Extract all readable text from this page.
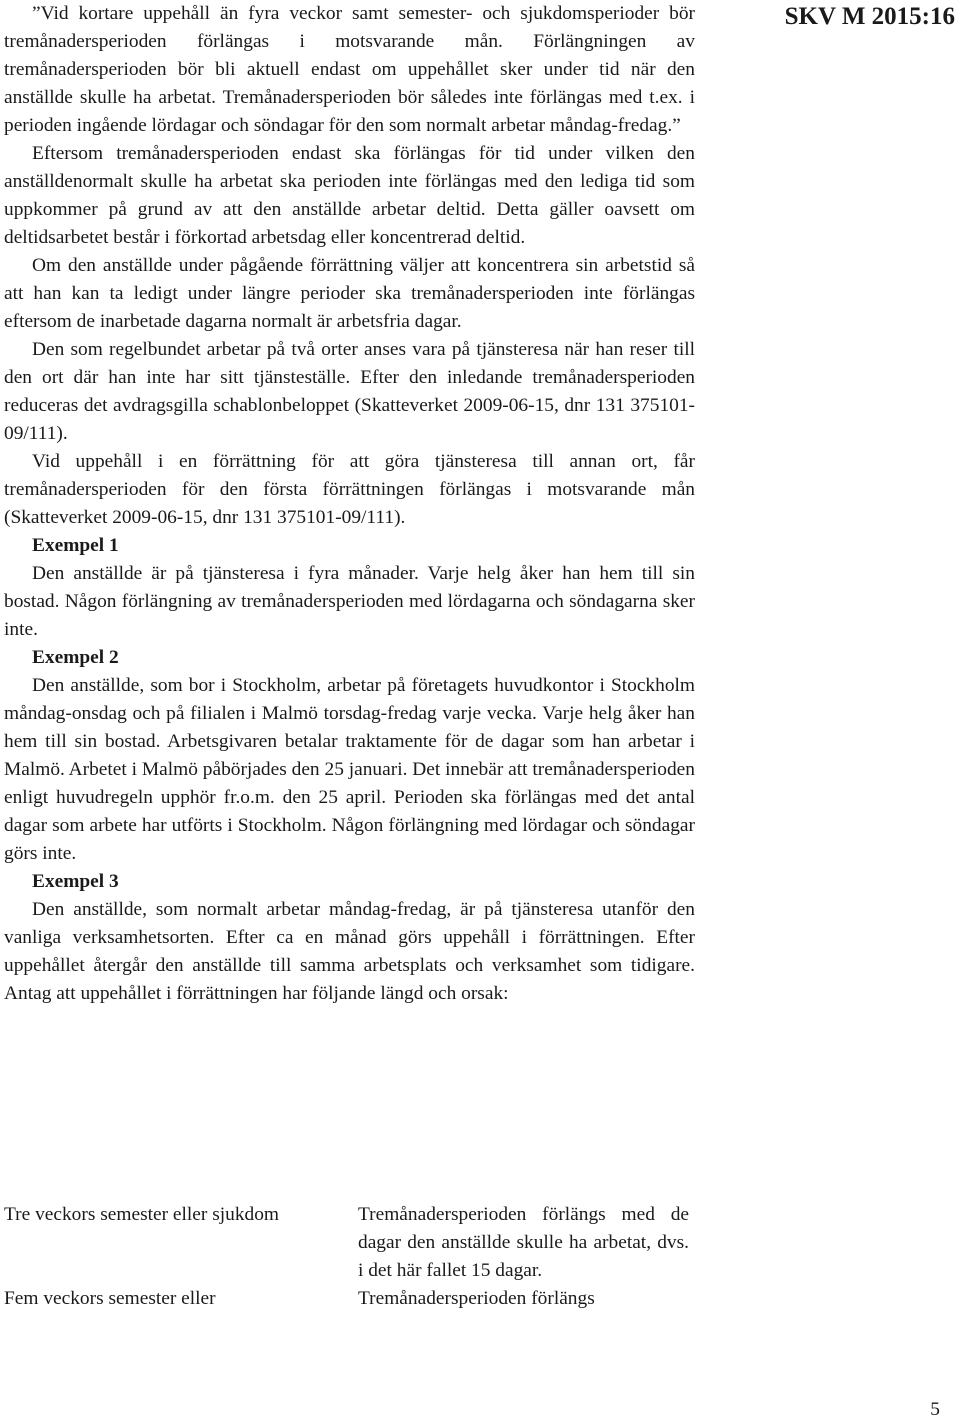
SKV M 2015:16

”Vid kortare uppehåll än fyra veckor samt semester- och sjukdomsperioder bör tremånadersperioden förlängas i motsvarande mån. Förlängningen av tremånadersperioden bör bli aktuell endast om uppehållet sker under tid när den anställde skulle ha arbetat. Tremånadersperioden bör således inte förlängas med t.ex. i perioden ingående lördagar och söndagar för den som normalt arbetar måndag-fredag.”

Eftersom tremånadersperioden endast ska förlängas för tid under vilken den anställdenormalt skulle ha arbetat ska perioden inte förlängas med den lediga tid som uppkommer på grund av att den anställde arbetar deltid. Detta gäller oavsett om deltidsarbetet består i förkortad arbetsdag eller koncentrerad deltid.

Om den anställde under pågående förrättning väljer att koncentrera sin arbetstid så att han kan ta ledigt under längre perioder ska tremånadersperioden inte förlängas eftersom de inarbetade dagarna normalt är arbetsfria dagar.

Den som regelbundet arbetar på två orter anses vara på tjänsteresa när han reser till den ort där han inte har sitt tjänsteställe. Efter den inledande tremånadersperioden reduceras det avdragsgilla schablonbeloppet (Skatteverket 2009-06-15, dnr 131 375101-09/111).

Vid uppehåll i en förrättning för att göra tjänsteresa till annan ort, får tremånadersperioden för den första förrättningen förlängas i motsvarande mån (Skatteverket 2009-06-15, dnr 131 375101-09/111).

Exempel 1

Den anställde är på tjänsteresa i fyra månader. Varje helg åker han hem till sin bostad. Någon förlängning av tremånadersperioden med lördagarna och söndagarna sker inte.

Exempel 2

Den anställde, som bor i Stockholm, arbetar på företagets huvudkontor i Stockholm måndag-onsdag och på filialen i Malmö torsdag-fredag varje vecka. Varje helg åker han hem till sin bostad. Arbetsgivaren betalar traktamente för de dagar som han arbetar i Malmö. Arbetet i Malmö påbörjades den 25 januari. Det innebär att tremånadersperioden enligt huvudregeln upphör fr.o.m. den 25 april. Perioden ska förlängas med det antal dagar som arbete har utförts i Stockholm. Någon förlängning med lördagar och söndagar görs inte.

Exempel 3

Den anställde, som normalt arbetar måndag-fredag, är på tjänsteresa utanför den vanliga verksamhetsorten. Efter ca en månad görs uppehåll i förrättningen. Efter uppehållet återgår den anställde till samma arbetsplats och verksamhet som tidigare. Antag att uppehållet i förrättningen har följande längd och orsak:

Tre veckors semester eller sjukdom	Tremånadersperioden förlängs med de dagar den anställde skulle ha arbetat, dvs. i det här fallet 15 dagar.
Fem veckors semester eller	Tremånadersperioden förlängs
5
